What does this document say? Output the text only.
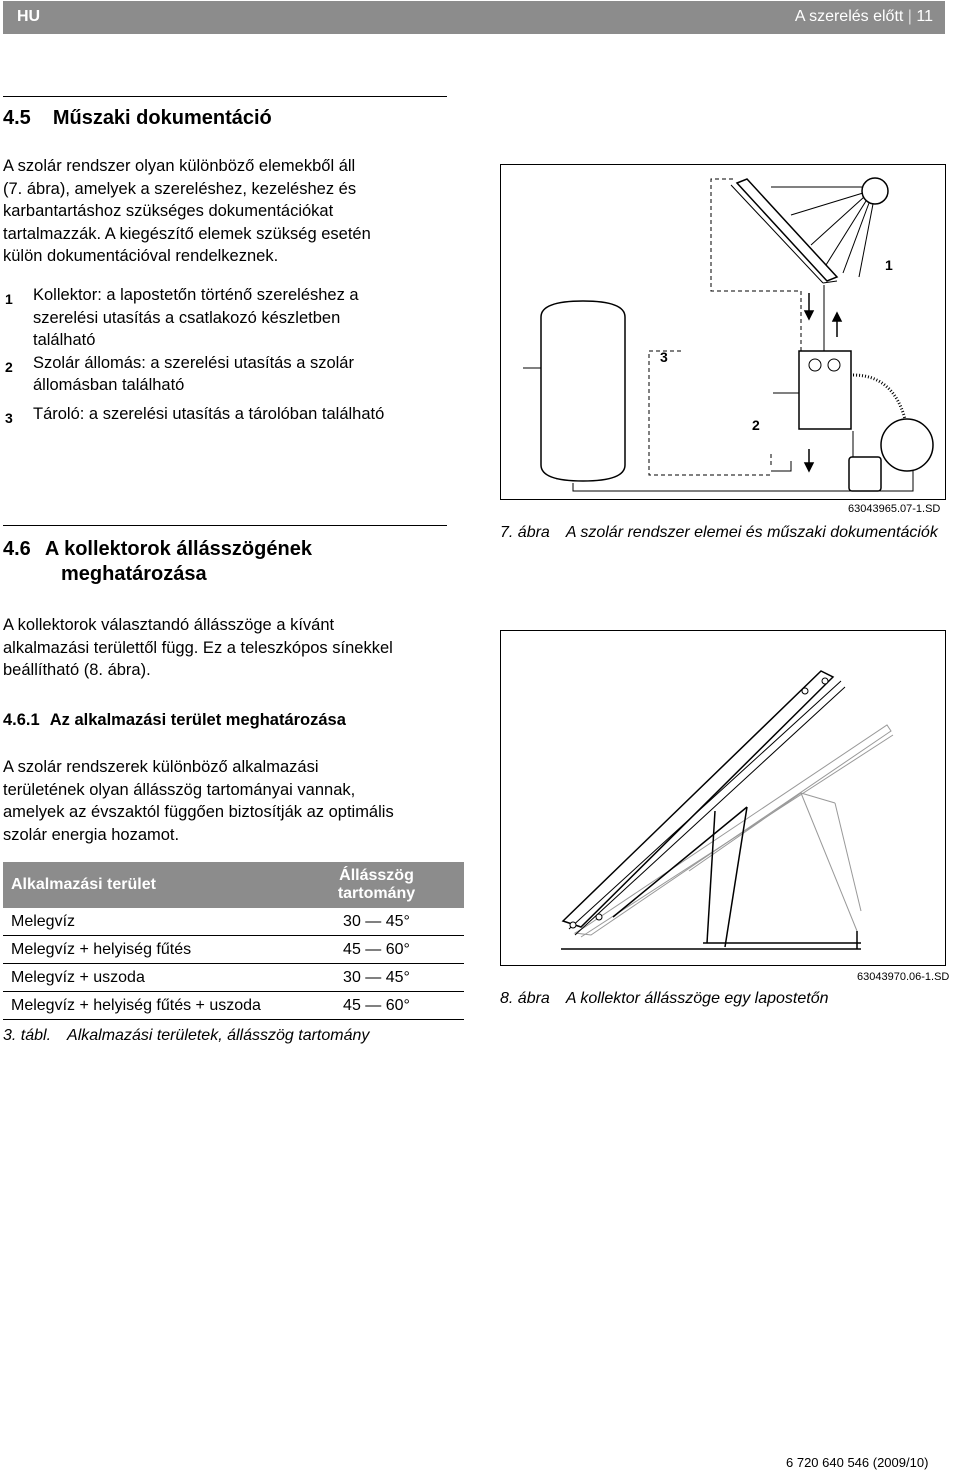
HU	A szerelés előtt | 11
4.5 Műszaki dokumentáció
A szolár rendszer olyan különböző elemekből áll
(7. ábra), amelyek a szereléshez, kezeléshez és
karbantartáshoz szükséges dokumentációkat
tartalmazzák. A kiegészítő elemek szükség esetén
külön dokumentációval rendelkeznek.
1 Kollektor: a lapostetőn történő szereléshez a
szerelési utasítás a csatlakozó készletben
található
2 Szolár állomás: a szerelési utasítás a szolár
állomásban található
3 Tároló: a szerelési utasítás a tárolóban található
1
3
2
63043965.07-1.SD
7. ábra A szolár rendszer elemei és műszaki dokumentációk
4.6 A kollektorok állásszögének
meghatározása
A kollektorok választandó állásszöge a kívánt
alkalmazási területtől függ. Ez a teleszkópos sínekkel
beállítható (8. ábra).
4.6.1 Az alkalmazási terület meghatározása
A szolár rendszerek különböző alkalmazási
területének olyan állásszög tartományai vannak,
amelyek az évszaktól függően biztosítják az optimális
szolár energia hozamot.
Alkalmazási terület	Állásszög
tartomány

Melegvíz	30 — 45°
Melegvíz + helyiség fűtés	45 — 60°
Melegvíz + uszoda	30 — 45°
Melegvíz + helyiség fűtés + uszoda	45 — 60°
3. tábl. Alkalmazási területek, állásszög tartomány
63043970.06-1.SD
8. ábra A kollektor állásszöge egy lapostetőn
6 720 640 546 (2009/10)
